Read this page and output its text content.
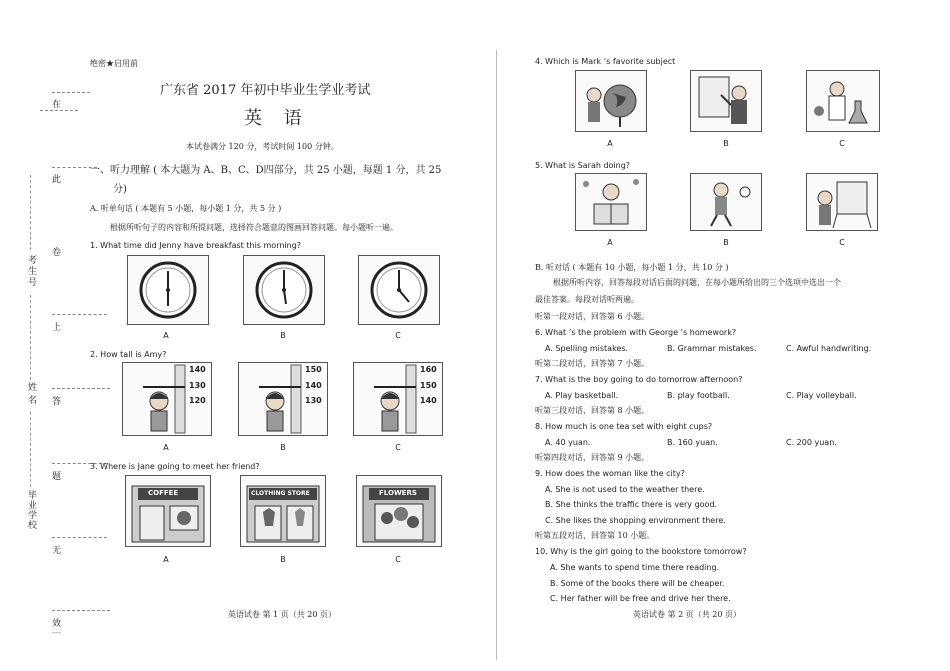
在
此
卷
上
答
题
无
效
---
考生号
姓名
毕业学校
绝密★启用前
广东省 2017 年初中毕业生学业考试
英 语
本试卷满分 120 分，考试时间 100 分钟。
一、听力理解 ( 本大题为 A、B、C、D四部分，共 25 小题，每题 1 分，共 25
分)
A. 听单句话 ( 本题有 5 小题，每小题 1 分，共 5 分 )
根据所听句子的内容和所提问题，选择符合题意的图画回答问题。每小题听一遍。
1. What time did Jenny have breakfast this morning?
A	B	C
2. How tall is Amy?
140
130
120
150
140
130
160
150
140
A	B	C
3. Where is Jane going to meet her friend?
COFFEE	CLOTHING STORE	FLOWERS
A	B	C
英语试卷 第 1 页（共 20 页）
4. Which is Mark ’s favorite subject
A	B	C
5. What is Sarah doing?
A	B	C
B. 听对话 ( 本题有 10 小题，每小题 1 分，共 10 分 )
根据所听内容，回答每段对话后面的问题，在每小题所给出的三个选项中选出一个
最佳答案。每段对话听两遍。
听第一段对话，回答第 6 小题。
6. What ’s the problem with George ’s homework?
A. Spelling mistakes.	B. Grammar mistakes.	C. Awful handwriting.
听第二段对话，回答第 7 小题。
7. What is the boy going to do tomorrow afternoon?
A. Play basketball.	B. play football.	C. Play volleyball.
听第三段对话，回答第 8 小题。
8. How much is one tea set with eight cups?
A. 40 yuan.	B. 160 yuan.	C. 200 yuan.
听第四段对话，回答第 9 小题。
9. How does the woman like the city?
A. She is not used to the weather there.
B. She thinks the traffic there is very good.
C. She likes the shopping environment there.
听第五段对话，回答第 10 小题。
10. Why is the girl going to the bookstore tomorrow?
A. She wants to spend time there reading.
B. Some of the books there will be cheaper.
C. Her father will be free and drive her there.
英语试卷 第 2 页（共 20 页）
